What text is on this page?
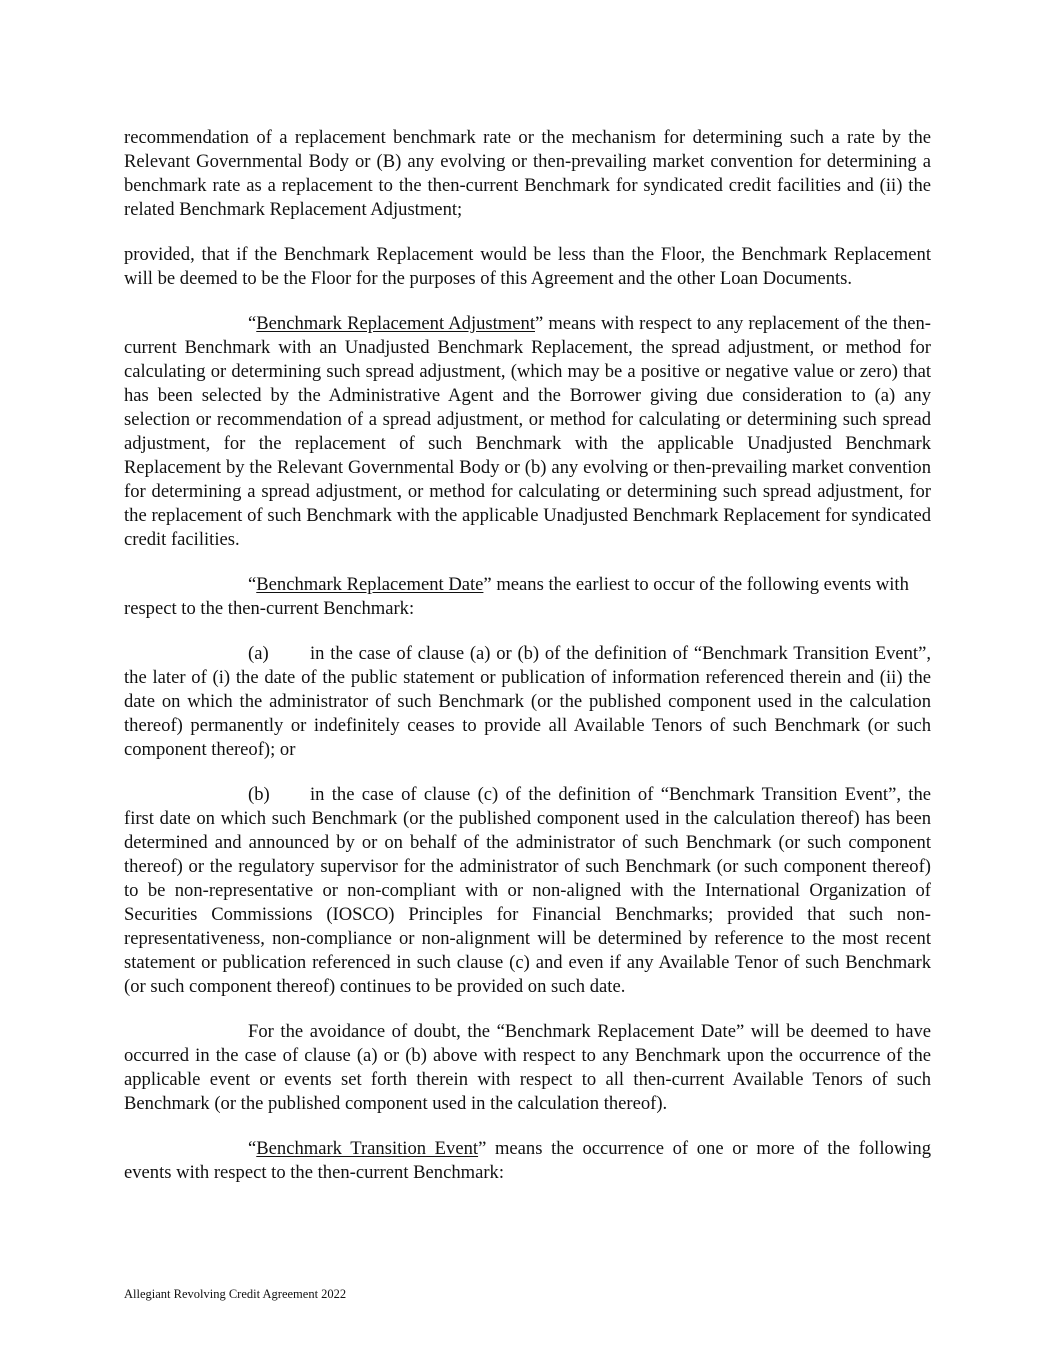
recommendation of a replacement benchmark rate or the mechanism for determining such a rate by the Relevant Governmental Body or (B) any evolving or then-prevailing market convention for determining a benchmark rate as a replacement to the then-current Benchmark for syndicated credit facilities and (ii) the related Benchmark Replacement Adjustment;

provided, that if the Benchmark Replacement would be less than the Floor, the Benchmark Replacement will be deemed to be the Floor for the purposes of this Agreement and the other Loan Documents.

“Benchmark Replacement Adjustment” means with respect to any replacement of the then-current Benchmark with an Unadjusted Benchmark Replacement, the spread adjustment, or method for calculating or determining such spread adjustment, (which may be a positive or negative value or zero) that has been selected by the Administrative Agent and the Borrower giving due consideration to (a) any selection or recommendation of a spread adjustment, or method for calculating or determining such spread adjustment, for the replacement of such Benchmark with the applicable Unadjusted Benchmark Replacement by the Relevant Governmental Body or (b) any evolving or then-prevailing market convention for determining a spread adjustment, or method for calculating or determining such spread adjustment, for the replacement of such Benchmark with the applicable Unadjusted Benchmark Replacement for syndicated credit facilities.

“Benchmark Replacement Date” means the earliest to occur of the following events with respect to the then-current Benchmark:

(a) in the case of clause (a) or (b) of the definition of “Benchmark Transition Event”, the later of (i) the date of the public statement or publication of information referenced therein and (ii) the date on which the administrator of such Benchmark (or the published component used in the calculation thereof) permanently or indefinitely ceases to provide all Available Tenors of such Benchmark (or such component thereof); or

(b) in the case of clause (c) of the definition of “Benchmark Transition Event”, the first date on which such Benchmark (or the published component used in the calculation thereof) has been determined and announced by or on behalf of the administrator of such Benchmark (or such component thereof) or the regulatory supervisor for the administrator of such Benchmark (or such component thereof) to be non-representative or non-compliant with or non-aligned with the International Organization of Securities Commissions (IOSCO) Principles for Financial Benchmarks; provided that such non-representativeness, non-compliance or non-alignment will be determined by reference to the most recent statement or publication referenced in such clause (c) and even if any Available Tenor of such Benchmark (or such component thereof) continues to be provided on such date.

For the avoidance of doubt, the “Benchmark Replacement Date” will be deemed to have occurred in the case of clause (a) or (b) above with respect to any Benchmark upon the occurrence of the applicable event or events set forth therein with respect to all then-current Available Tenors of such Benchmark (or the published component used in the calculation thereof).

“Benchmark Transition Event” means the occurrence of one or more of the following events with respect to the then-current Benchmark:

Allegiant Revolving Credit Agreement 2022
